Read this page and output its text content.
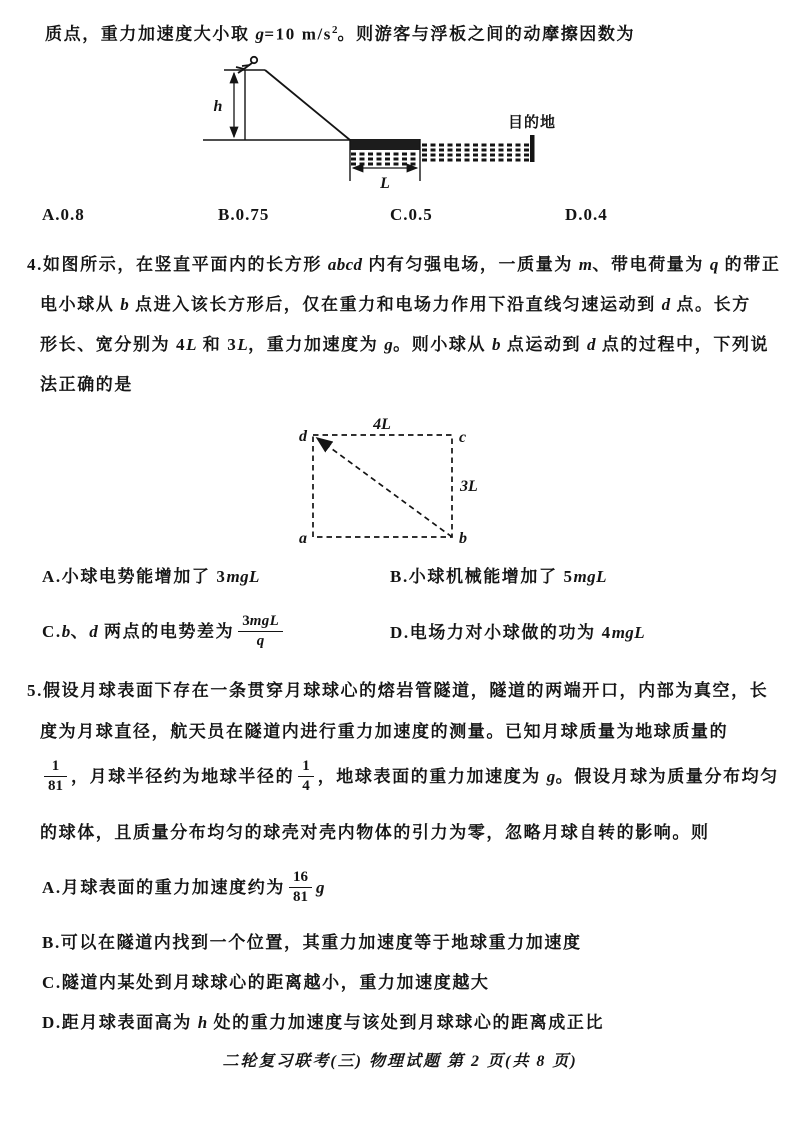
质点，重力加速度大小取 g=10 $m/s^2$。则游客与浮板之间的动摩擦因数为
h
L
目的地
A.0.8	B.0.75	C.0.5	D.0.4
4.如图所示，在竖直平面内的长方形 abcd 内有匀强电场，一质量为 m、带电荷量为 q 的带正
电小球从 b 点进入该长方形后，仅在重力和电场力作用下沿直线匀速运动到 d 点。长方
形长、宽分别为 4L 和 3L，重力加速度为 g。则小球从 b 点运动到 d 点的过程中，下列说
法正确的是
d	c
a	b
4L
3L
A.小球电势能增加了 3mgL	B.小球机械能增加了 5mgL
C.b、d 两点的电势差为 $\frac{\text{3mgL}}{q}$	D.电场力对小球做的功为 4mgL
5.假设月球表面下存在一条贯穿月球球心的熔岩管隧道，隧道的两端开口，内部为真空，长
度为月球直径，航天员在隧道内进行重力加速度的测量。已知月球质量为地球质量的
$\frac{1}{81}$ ，月球半径约为地球半径的 $\frac{1}{4}$ ，地球表面的重力加速度为 g。假设月球为质量分布均匀
的球体，且质量分布均匀的球壳对壳内物体的引力为零，忽略月球自转的影响。则
A.月球表面的重力加速度约为 $\frac{16}{81}$ g
B.可以在隧道内找到一个位置，其重力加速度等于地球重力加速度
C.隧道内某处到月球球心的距离越小，重力加速度越大
D.距月球表面高为 h 处的重力加速度与该处到月球球心的距离成正比
二轮复习联考(三) 物理试题 第 2 页(共 8 页)
